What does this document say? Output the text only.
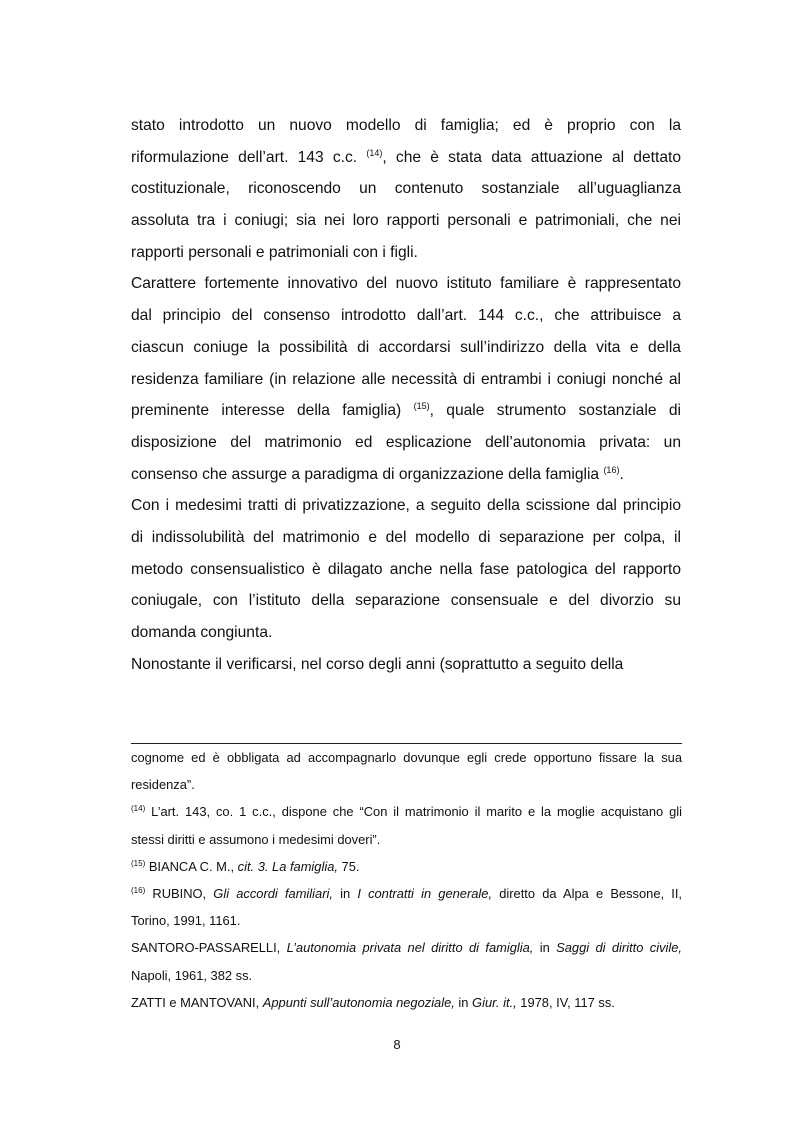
stato introdotto un nuovo modello di famiglia; ed è proprio con la
riformulazione dell’art. 143 c.c. $^{(14)}$, che è stata data attuazione al dettato
costituzionale, riconoscendo un contenuto sostanziale all’uguaglianza
assoluta tra i coniugi; sia nei loro rapporti personali e patrimoniali, che nei
rapporti personali e patrimoniali con i figli.
Carattere fortemente innovativo del nuovo istituto familiare è rappresentato
dal principio del consenso introdotto dall’art. 144 c.c., che attribuisce a
ciascun coniuge la possibilità di accordarsi sull’indirizzo della vita e della
residenza familiare (in relazione alle necessità di entrambi i coniugi nonché al
preminente interesse della famiglia) $^{(15)}$, quale strumento sostanziale di
disposizione del matrimonio ed esplicazione dell’autonomia privata: un
consenso che assurge a paradigma di organizzazione della famiglia $^{(16)}$.
Con i medesimi tratti di privatizzazione, a seguito della scissione dal principio
di indissolubilità del matrimonio e del modello di separazione per colpa, il
metodo consensualistico è dilagato anche nella fase patologica del rapporto
coniugale, con l’istituto della separazione consensuale e del divorzio su
domanda congiunta.
Nonostante il verificarsi, nel corso degli anni (soprattutto a seguito della
cognome ed è obbligata ad accompagnarlo dovunque egli crede opportuno fissare la sua
residenza”.
$^{(14)}$ L’art. 143, co. 1 c.c., dispone che “Con il matrimonio il marito e la moglie acquistano gli
stessi diritti e assumono i medesimi doveri”.
$^{(15)}$ BIANCA C. M., cit. 3. La famiglia, 75.
$^{(16)}$ RUBINO, Gli accordi familiari, in I contratti in generale, diretto da Alpa e Bessone, II,
Torino, 1991, 1161.
SANTORO-PASSARELLI, L’autonomia privata nel diritto di famiglia, in Saggi di diritto civile,
Napoli, 1961, 382 ss.
ZATTI e MANTOVANI, Appunti sull’autonomia negoziale, in Giur. it., 1978, IV, 117 ss.
8
